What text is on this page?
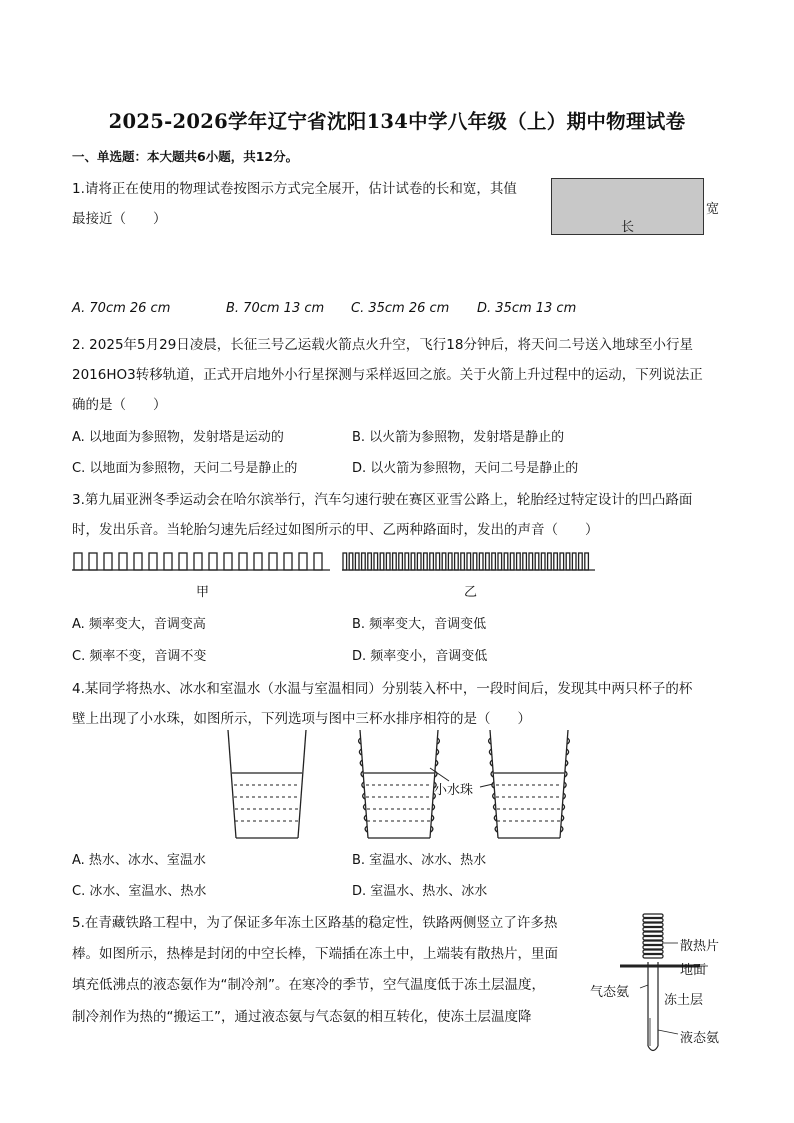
2025-2026学年辽宁省沈阳134中学八年级（上）期中物理试卷
一、单选题：本大题共6小题，共12分。
1.请将正在使用的物理试卷按图示方式完全展开，估计试卷的长和宽，其值
最接近（　　）
宽
长
A. 70cm 26 cm	B. 70cm 13 cm C. 35cm 26 cm D. 35cm 13 cm
2. 2025年5月29日凌晨，长征三号乙运载火箭点火升空，飞行18分钟后，将天问二号送入地球至小行星
2016HO3转移轨道，正式开启地外小行星探测与采样返回之旅。关于火箭上升过程中的运动，下列说法正
确的是（　　）
A. 以地面为参照物，发射塔是运动的	B. 以火箭为参照物，发射塔是静止的
C. 以地面为参照物，天问二号是静止的	D. 以火箭为参照物，天问二号是静止的
3.第九届亚洲冬季运动会在哈尔滨举行，汽车匀速行驶在赛区亚雪公路上，轮胎经过特定设计的凹凸路面
时，发出乐音。当轮胎匀速先后经过如图所示的甲、乙两种路面时，发出的声音（　　）
甲	乙
A. 频率变大，音调变高	B. 频率变大，音调变低
C. 频率不变，音调不变	D. 频率变小，音调变低
4.某同学将热水、冰水和室温水（水温与室温相同）分别装入杯中，一段时间后，发现其中两只杯子的杯
壁上出现了小水珠，如图所示，下列选项与图中三杯水排序相符的是（　　）
小水珠
A. 热水、冰水、室温水	B. 室温水、冰水、热水
C. 冰水、室温水、热水	D. 室温水、热水、冰水
5.在青藏铁路工程中，为了保证多年冻土区路基的稳定性，铁路两侧竖立了许多热
棒。如图所示，热棒是封闭的中空长棒，下端插在冻土中，上端装有散热片，里面
填充低沸点的液态氨作为“制冷剂”。在寒冷的季节，空气温度低于冻土层温度，
制冷剂作为热的“搬运工”，通过液态氨与气态氨的相互转化，使冻土层温度降
散热片
地面
气态氨
冻土层
液态氨
